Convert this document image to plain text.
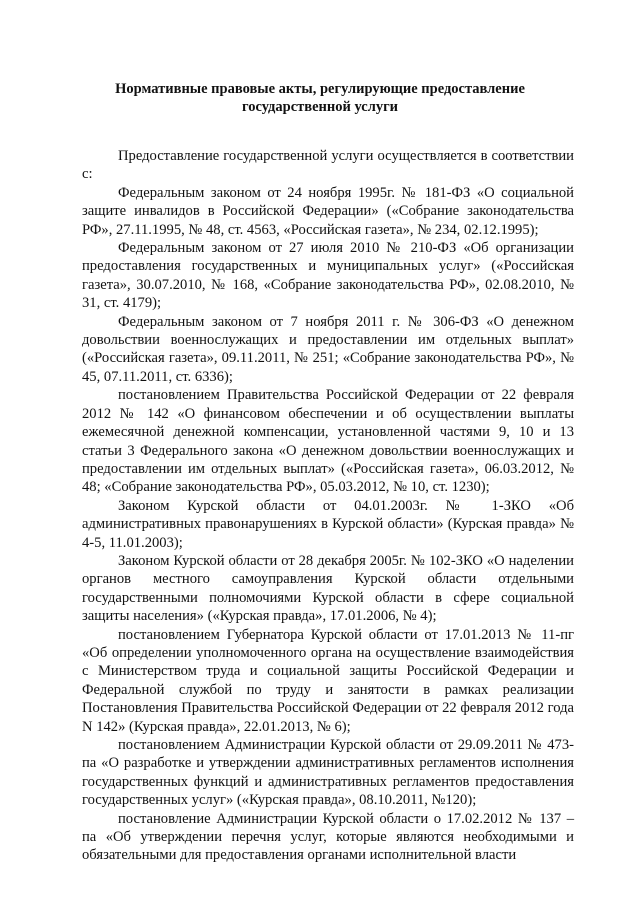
Нормативные правовые акты, регулирующие предоставление
государственной услуги

Предоставление государственной услуги осуществляется в соответствии с:

Федеральным законом от 24 ноября 1995г. № 181-ФЗ «О социальной защите инвалидов в Российской Федерации» («Собрание законодательства РФ», 27.11.1995, № 48, ст. 4563, «Российская газета», № 234, 02.12.1995);

Федеральным законом от 27 июля 2010 № 210-ФЗ «Об организации предоставления государственных и муниципальных услуг» («Российская газета», 30.07.2010, № 168, «Собрание законодательства РФ», 02.08.2010, № 31, ст. 4179);

Федеральным законом от 7 ноября 2011 г. № 306-ФЗ «О денежном довольствии военнослужащих и предоставлении им отдельных выплат» («Российская газета», 09.11.2011, № 251; «Собрание законодательства РФ», № 45, 07.11.2011, ст. 6336);

постановлением Правительства Российской Федерации от 22 февраля 2012 № 142 «О финансовом обеспечении и об осуществлении выплаты ежемесячной денежной компенсации, установленной частями 9, 10 и 13 статьи 3 Федерального закона «О денежном довольствии военнослужащих и предоставлении им отдельных выплат» («Российская газета», 06.03.2012, № 48; «Собрание законодательства РФ», 05.03.2012, № 10, ст. 1230);

Законом Курской области от 04.01.2003г. № 1-ЗКО «Об административных правонарушениях в Курской области» (Курская правда» № 4-5, 11.01.2003);

Законом Курской области от 28 декабря 2005г. № 102-ЗКО «О наделении органов местного самоуправления Курской области отдельными государственными полномочиями Курской области в сфере социальной защиты населения» («Курская правда», 17.01.2006, № 4);

постановлением Губернатора Курской области от 17.01.2013 № 11-пг «Об определении уполномоченного органа на осуществление взаимодействия с Министерством труда и социальной защиты Российской Федерации и Федеральной службой по труду и занятости в рамках реализации Постановления Правительства Российской Федерации от 22 февраля 2012 года N 142» (Курская правда», 22.01.2013, № 6);

постановлением Администрации Курской области от 29.09.2011 № 473-па «О разработке и утверждении административных регламентов исполнения государственных функций и административных регламентов предоставления государственных услуг» («Курская правда», 08.10.2011, №120);

постановление Администрации Курской области о 17.02.2012 № 137 – па «Об утверждении перечня услуг, которые являются необходимыми и обязательными для предоставления органами исполнительной власти
